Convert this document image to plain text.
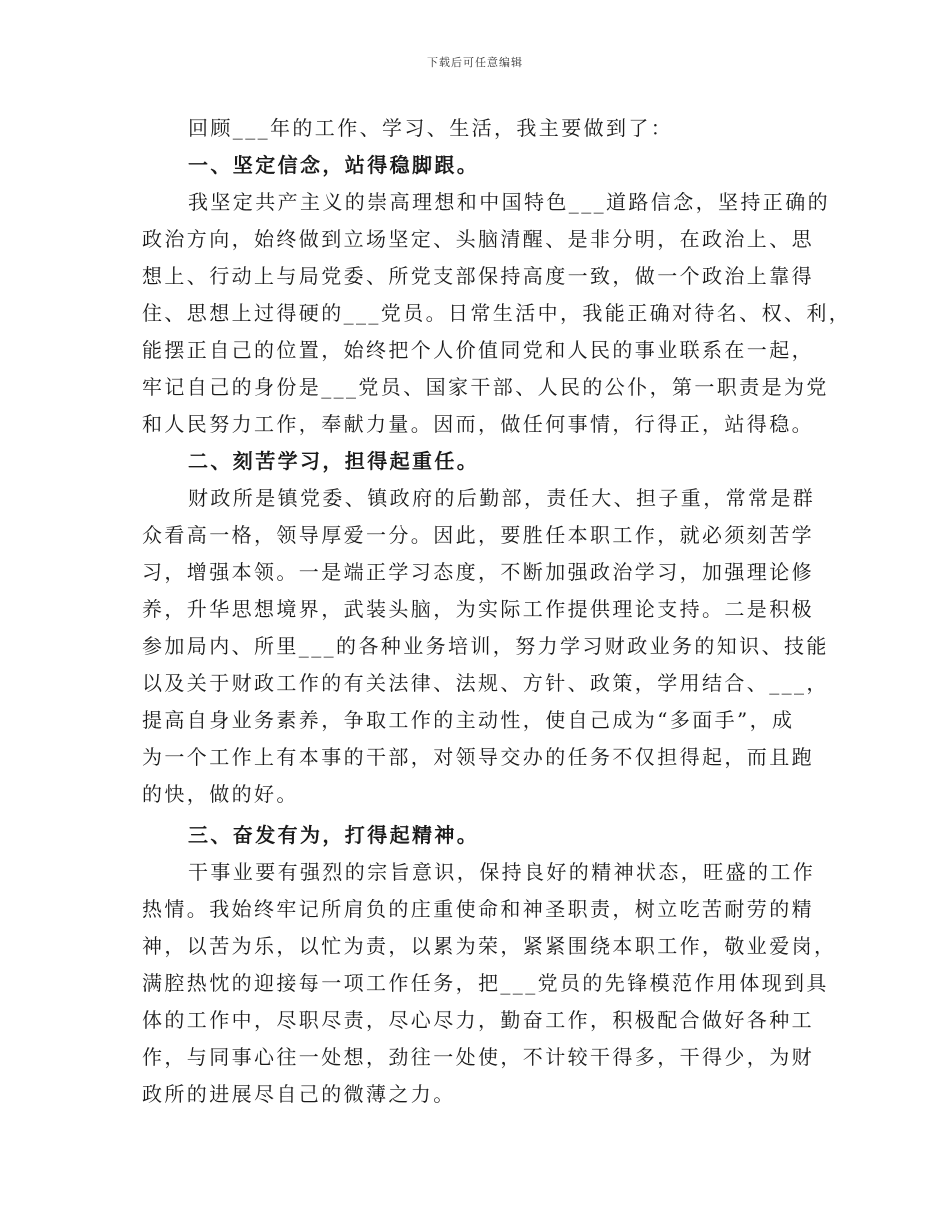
下载后可任意编辑
回顾___年的工作、学习、生活，我主要做到了：
一、坚定信念，站得稳脚跟。
我坚定共产主义的崇高理想和中国特色___道路信念，坚持正确的
政治方向，始终做到立场坚定、头脑清醒、是非分明，在政治上、思
想上、行动上与局党委、所党支部保持高度一致，做一个政治上靠得
住、思想上过得硬的___党员。日常生活中，我能正确对待名、权、利，
能摆正自己的位置，始终把个人价值同党和人民的事业联系在一起，
牢记自己的身份是___党员、国家干部、人民的公仆，第一职责是为党
和人民努力工作，奉献力量。因而，做任何事情，行得正，站得稳。
二、刻苦学习，担得起重任。
财政所是镇党委、镇政府的后勤部，责任大、担子重，常常是群
众看高一格，领导厚爱一分。因此，要胜任本职工作，就必须刻苦学
习，增强本领。一是端正学习态度，不断加强政治学习，加强理论修
养，升华思想境界，武装头脑，为实际工作提供理论支持。二是积极
参加局内、所里___的各种业务培训，努力学习财政业务的知识、技能
以及关于财政工作的有关法律、法规、方针、政策，学用结合、___，
提高自身业务素养，争取工作的主动性，使自己成为“多面手”，成
为一个工作上有本事的干部，对领导交办的任务不仅担得起，而且跑
的快，做的好。
三、奋发有为，打得起精神。
干事业要有强烈的宗旨意识，保持良好的精神状态，旺盛的工作
热情。我始终牢记所肩负的庄重使命和神圣职责，树立吃苦耐劳的精
神，以苦为乐，以忙为责，以累为荣，紧紧围绕本职工作，敬业爱岗，
满腔热忱的迎接每一项工作任务，把___党员的先锋模范作用体现到具
体的工作中，尽职尽责，尽心尽力，勤奋工作，积极配合做好各种工
作，与同事心往一处想，劲往一处使，不计较干得多，干得少，为财
政所的进展尽自己的微薄之力。
